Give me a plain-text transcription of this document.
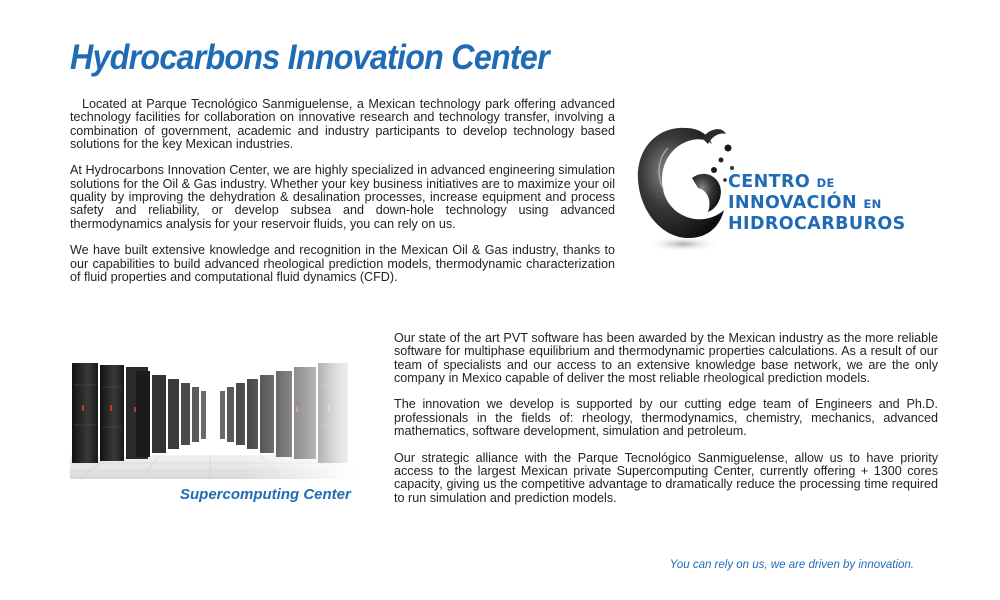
Hydrocarbons Innovation Center

Located at Parque Tecnológico Sanmiguelense, a Mexican technology park offering advanced technology facilities for collaboration on innovative research and technology transfer, involving a combination of government, academic and industry participants to develop technology based solutions for the key Mexican industries.

At Hydrocarbons Innovation Center, we are highly specialized in advanced engineering simulation solutions for the Oil & Gas industry. Whether your key business initiatives are to maximize your oil quality by improving the dehydration & desalination processes, increase equipment and process safety and reliability, or develop subsea and down-hole technology using advanced thermodynamics analysis for your reservoir fluids, you can rely on us.

We have built extensive knowledge and recognition in the Mexican Oil & Gas industry, thanks to our capabilities to build advanced rheological prediction models, thermodynamic characterization of fluid properties and computational fluid dynamics (CFD).

CENTRO DE
INNOVACIÓN EN
HIDROCARBUROS

Supercomputing Center

Our state of the art PVT software has been awarded by the Mexican industry as the more reliable software for multiphase equilibrium and thermodynamic properties calculations. As a result of our team of specialists and our access to an extensive knowledge base network, we are the only company in Mexico capable of deliver the most reliable rheological prediction models.

The innovation we develop is supported by our cutting edge team of Engineers and Ph.D. professionals in the fields of: rheology, thermodynamics, chemistry, mechanics, advanced mathematics, software development, simulation and petroleum.

Our strategic alliance with the Parque Tecnológico Sanmiguelense, allow us to have priority access to the largest Mexican private Supercomputing Center, currently offering + 1300 cores capacity, giving us the competitive advantage to dramatically reduce the processing time required to run simulation and prediction models.

You can rely on us, we are driven by innovation.
